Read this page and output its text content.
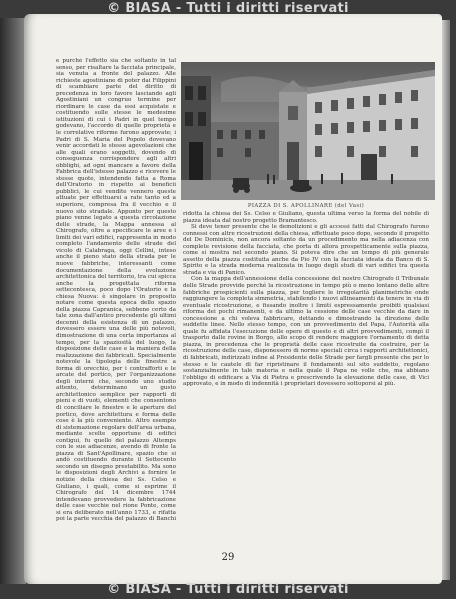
© BIASA - Tutti i diritti riservati

e purché l'effetto sia che soltanto in tal senso, per risaltare la facciata principale, sia venuta a fronte del palazzo. Alle richieste agostiniane di poter dai Filippini di scambiare parte del diritto di precedenza in loro favore lasciando agli Agostiniani un congruo termine per riordinare le case da essi acquistate e costituendo sulle stesse le medesime istituzioni di cui i Padri in quel tempo godevano, l'accordo di quelle proprietà e le correlative riforme furono approvate; i Padri di S. Maria del Popolo dovevano venir accordati le stesse agevolazioni che alle quali erano soggetti, dovendo di conseguenza corrispondere agli altri obblighi, ad ogni mancare a favore della Fabbrica dell'istesso palazzo e ricevere le stesse quote, intendendo fatta a Roma dell'Oratorio in rispetto ai beneficii pubblici, le cui vendite vennero queste attuate per effettuarsi a rate tanto ed a superiore, compresa fra il vecchio e il nuovo sito stradale. Appunto per questo piano venne legato a questa circolazione delle strade, la Mappa annessa al Chirografo, oltre a specificare le aree e i limiti dei vari edifici, rappresenta in modo completo l'andamento delle strade del vicolo di Calabraga, oggi Cellini, inteso anche il pieno stato della strada per le nuove fabbriche, interessanti come documentazione della evoluzione architettonica del territorio, tra cui spicca anche la progettata riforma settecentesca, poco dopo l'Oratorio e la chiesa Nuova: è singolare in proposito notare come questa epoca dello spazio della piazza Capranica, sebbene certo da tale zona dall'antico precedente gli ultimi decenni della esistenza di un palazzo, dovessero essere una delle più notevoli, dimostrazione di una certa importanza al tempo, per la spaziosità del luogo, la disposizione delle case e la maniera della realizzazione dei fabbricati. Specialmente notevole la tipologia delle finestre a forma di orecchio, per i contrafforti e le arcate del portico, per l'organizzazione degli interni che, secondo uno studio attento, determinano un gusto architettonico semplice per rapporti di pieni e di vuoti, elementi che consentono di conciliare le finestre e le aperture del portico, dove architettura e forma delle cose è la più conveniente. Altro esempio di sistemazione regolare dell'area urbana, mediante scelte opportune di edifici contigui, fu quello del palazzo Altemps con le sue adiacenze, avendo di fronte la piazza di Sant'Apollinare, spazio che si andò costituendo durante il Settecento secondo un disegno prestabilito. Ma sono le disposizioni degli Archivi a fornire le notizie della chiesa dei Ss. Celso e Giuliano, i quali, come si esprime il Chirografo del 14 dicembre 1744 intendevano provvedere la fabbricazione delle case vecchie nel rione Ponte, come si era deliberato nell'anno 1733, e rifatta poi la parte vecchia del palazzo di Banchi

PIAZZA DI S. APOLLINARE (del Vasi)

ridotta la chiesa dei Ss. Celso e Giuliano, questa ultima verso la forma del nobile di piazza ideata dal nostro progetto Bramantesco.

Si deve tener presente che le demolizioni e gli accessi fatti dal Chirografo furono connessi con altre ricostruzioni della chiesa, effettuate poco dopo, secondo il progetto del De Dominicis, non ancora soltanto da un procedimento ma nella adiacenza con complete revisione della facciata, che porta di allora prospetticamente sulla piazza, come si mostra nel secondo piano. Si poteva dire che un tempo di più generale assetto della piazza costituita anche da Pio IV con la facciata ideata da Banco di S. Spirito e la strada moderna realizzata in luogo degli studi di vari edifici tra questa strada e via di Panico.

Con la mappa dell'annessione della concessione del nostro Chirografo il Tribunale delle Strade provvide perché la ricostruzione in tempo più o meno lontano delle altre fabbriche prospicienti sulla piazza, per togliere le irregolarità planimetriche onde raggiungere la completa simmetria, stabilendo i nuovi allineamenti da tenere in via di eventuale ricostruzione, e fissando inoltre i limiti espressamente proibiti qualsiasi riforma dei pochi rimanenti, e da ultimo la cessione delle case vecchie da dare in concessione a chi voleva fabbricare, dettando e dimostrando la direzione delle suddette linee. Nello stesso tempo, con un provvedimento del Papa, l'Autorità alla quale fu affidata l'esecuzione delle opere di questo e di altri provvedimenti, compì il trasporto dalle rovine in Borgo, allo scopo di rendere maggiore l'ornamento di detta piazza, in precedenza che le proprietà delle case ricostruite da costruire, per la ricostruzione delle case, disponessero di norme speciali circa i rapporti architettonici, di fabbricati, indirizzati infine al Presidente delle Strade per fargli presente che per lo stesso e le cautele di far ripristinare il fondamenti sul sito suddetto, regolano sostanzialmente in tale materia e nella quale il Papa ne volle che, ma abbiano l'obbligo di edificare a Via di Pietra e prescrivendo la elevazione delle case, di Vici approvato, e in modo di indennità i proprietari dovessero sottoporsi al più.

29
© BIASA - Tutti i diritti riservati
